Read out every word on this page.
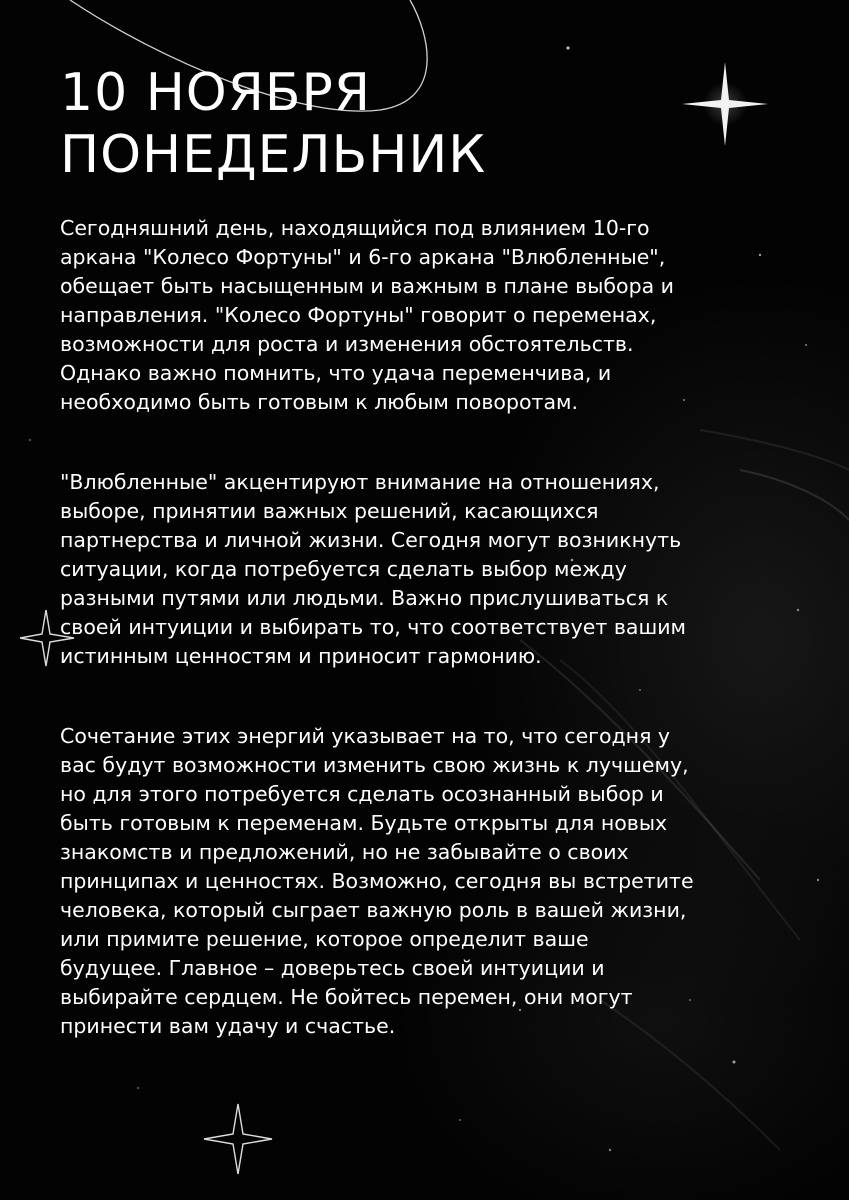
10 НОЯБРЯ
ПОНЕДЕЛЬНИК
Сегодняшний день, находящийся под влиянием 10-го
аркана "Колесо Фортуны" и 6-го аркана "Влюбленные",
обещает быть насыщенным и важным в плане выбора и
направления. "Колесо Фортуны" говорит о переменах,
возможности для роста и изменения обстоятельств.
Однако важно помнить, что удача переменчива, и
необходимо быть готовым к любым поворотам.
"Влюбленные" акцентируют внимание на отношениях,
выборе, принятии важных решений, касающихся
партнерства и личной жизни. Сегодня могут возникнуть
ситуации, когда потребуется сделать выбор между
разными путями или людьми. Важно прислушиваться к
своей интуиции и выбирать то, что соответствует вашим
истинным ценностям и приносит гармонию.
Сочетание этих энергий указывает на то, что сегодня у
вас будут возможности изменить свою жизнь к лучшему,
но для этого потребуется сделать осознанный выбор и
быть готовым к переменам. Будьте открыты для новых
знакомств и предложений, но не забывайте о своих
принципах и ценностях. Возможно, сегодня вы встретите
человека, который сыграет важную роль в вашей жизни,
или примите решение, которое определит ваше
будущее. Главное – доверьтесь своей интуиции и
выбирайте сердцем. Не бойтесь перемен, они могут
принести вам удачу и счастье.
